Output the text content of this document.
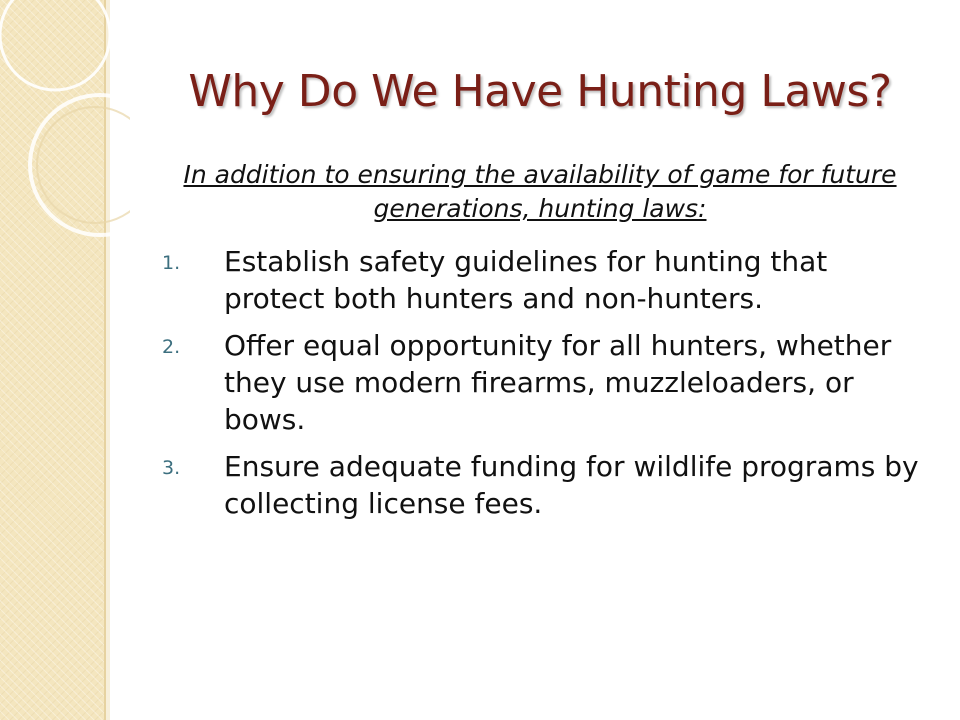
Why Do We Have Hunting Laws?
In addition to ensuring the availability of game for future generations, hunting laws:
1.	Establish safety guidelines for hunting that protect both hunters and non-hunters.
2.	Offer equal opportunity for all hunters, whether they use modern firearms, muzzleloaders, or bows.
3.	Ensure adequate funding for wildlife programs by collecting license fees.
